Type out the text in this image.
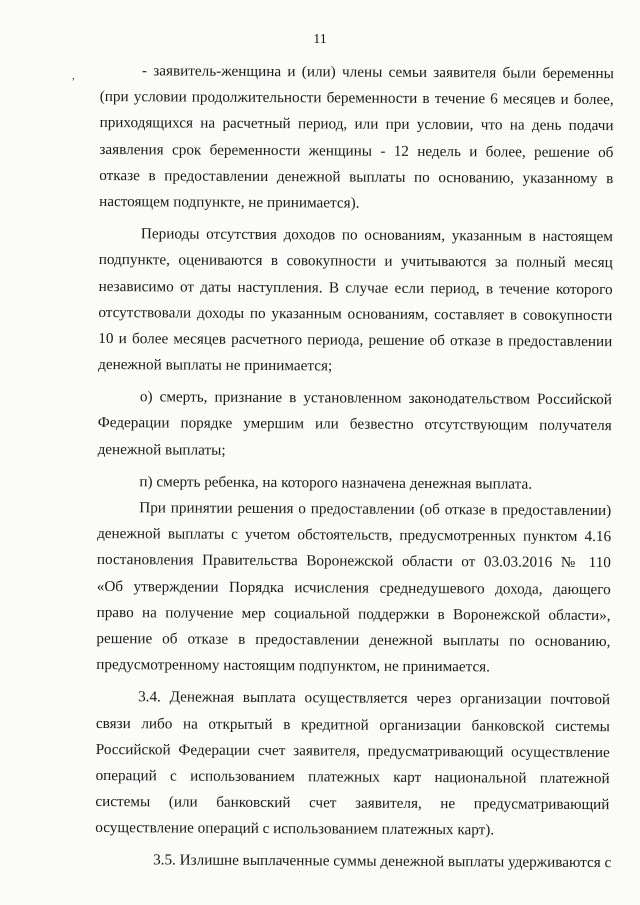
11
,	- заявитель-женщина и (или) члены семьи заявителя были беременны
(при условии продолжительности беременности в течение 6 месяцев и более,
приходящихся на расчетный период, или при условии, что на день подачи
заявления срок беременности женщины - 12 недель и более, решение об
отказе в предоставлении денежной выплаты по основанию, указанному в
настоящем подпункте, не принимается).
Периоды отсутствия доходов по основаниям, указанным в настоящем
подпункте, оцениваются в совокупности и учитываются за полный месяц
независимо от даты наступления. В случае если период, в течение которого
отсутствовали доходы по указанным основаниям, составляет в совокупности
10 и более месяцев расчетного периода, решение об отказе в предоставлении
денежной выплаты не принимается;
о) смерть, признание в установленном законодательством Российской
Федерации порядке умершим или безвестно отсутствующим получателя
денежной выплаты;
п) смерть ребенка, на которого назначена денежная выплата.
При принятии решения о предоставлении (об отказе в предоставлении)
денежной выплаты с учетом обстоятельств, предусмотренных пунктом 4.16
постановления Правительства Воронежской области от 03.03.2016 № 110
«Об утверждении Порядка исчисления среднедушевого дохода, дающего
право на получение мер социальной поддержки в Воронежской области»,
решение об отказе в предоставлении денежной выплаты по основанию,
предусмотренному настоящим подпунктом, не принимается.
3.4. Денежная выплата осуществляется через организации почтовой
связи либо на открытый в кредитной организации банковской системы
Российской Федерации счет заявителя, предусматривающий осуществление
операций с использованием платежных карт национальной платежной
системы (или банковский счет заявителя, не предусматривающий
осуществление операций с использованием платежных карт).
3.5. Излишне выплаченные суммы денежной выплаты удерживаются с
